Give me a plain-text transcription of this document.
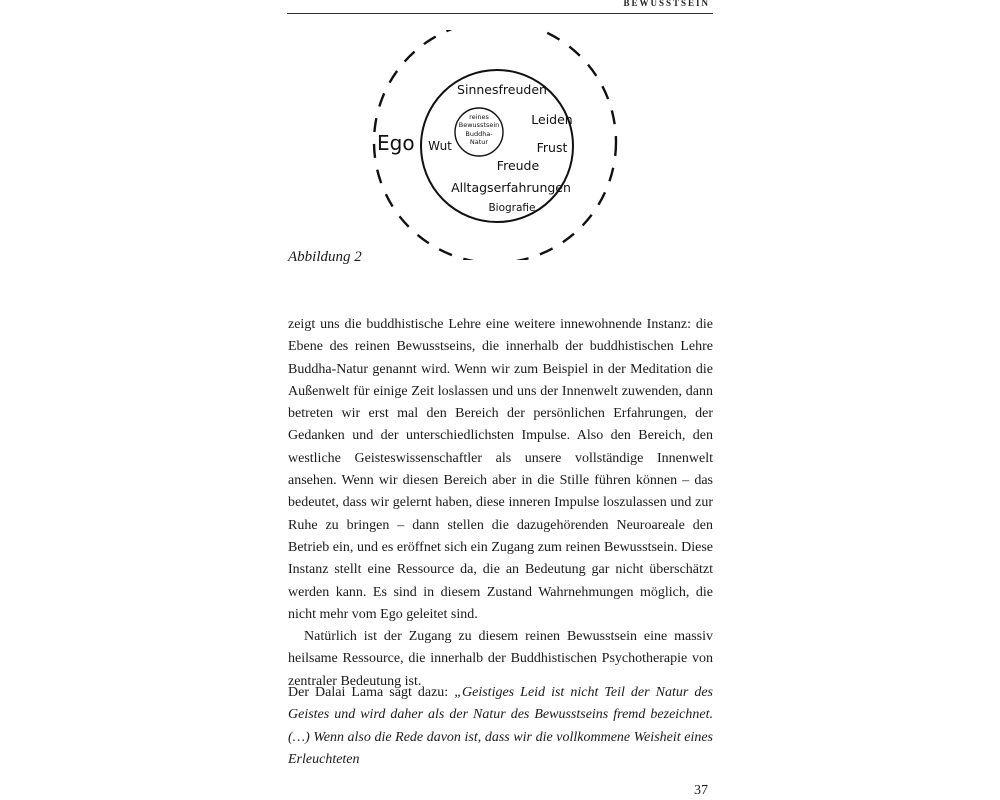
BEWUSSTSEIN
Ego
reines
Bewusstsein
Buddha-
Natur
Sinnesfreuden
Leiden
Wut	Frust
Freude
Alltagserfahrungen
Biografie
Abbildung 2

zeigt uns die buddhistische Lehre eine weitere innewohnende Instanz: die Ebene des reinen Bewusstseins, die innerhalb der buddhistischen Lehre Buddha-Natur genannt wird. Wenn wir zum Beispiel in der Meditation die Außenwelt für einige Zeit loslassen und uns der Innenwelt zuwenden, dann betreten wir erst mal den Bereich der persönlichen Erfahrungen, der Gedanken und der unterschiedlichsten Impulse. Also den Bereich, den westliche Geisteswissenschaftler als unsere vollständige Innenwelt ansehen. Wenn wir diesen Bereich aber in die Stille führen können – das bedeutet, dass wir gelernt haben, diese inneren Impulse loszulassen und zur Ruhe zu bringen – dann stellen die dazugehörenden Neuroareale den Betrieb ein, und es eröffnet sich ein Zugang zum reinen Bewusstsein. Diese Instanz stellt eine Ressource da, die an Bedeutung gar nicht überschätzt werden kann. Es sind in diesem Zustand Wahrnehmungen möglich, die nicht mehr vom Ego geleitet sind.

Natürlich ist der Zugang zu diesem reinen Bewusstsein eine massiv heilsame Ressource, die innerhalb der Buddhistischen Psychotherapie von zentraler Bedeutung ist.

Der Dalai Lama sagt dazu: „Geistiges Leid ist nicht Teil der Natur des Geistes und wird daher als der Natur des Bewusstseins fremd bezeichnet. (…) Wenn also die Rede davon ist, dass wir die vollkommene Weisheit eines Erleuchteten
37
